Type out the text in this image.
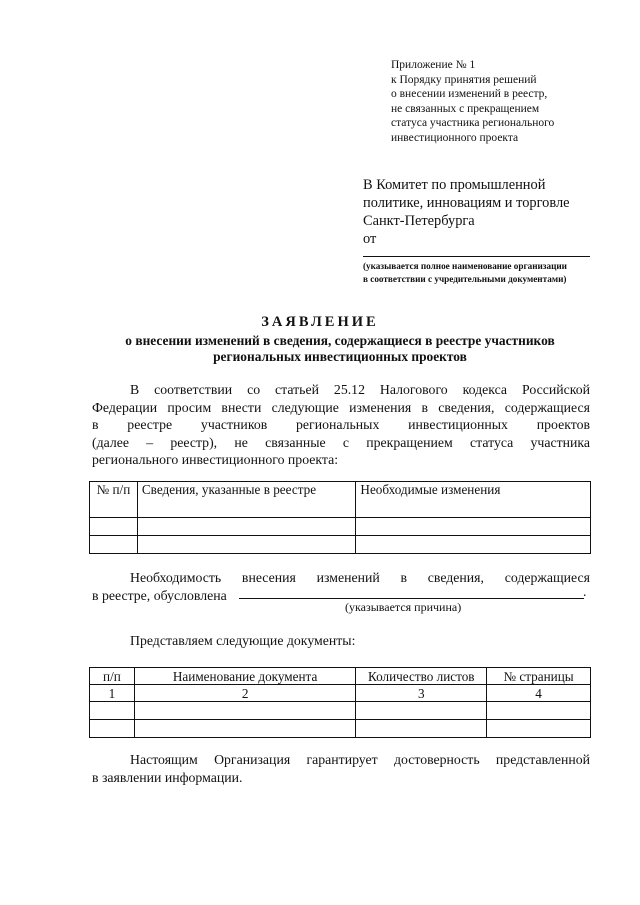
Приложение № 1
к Порядку принятия решений
о внесении изменений в реестр,
не связанных с прекращением
статуса участника регионального
инвестиционного проекта
В Комитет по промышленной
политике, инновациям и торговле
Санкт-Петербурга
от
(указывается полное наименование организации
в соответствии с учредительными документами)
ЗАЯВЛЕНИЕ
о внесении изменений в сведения, содержащиеся в реестре участников
региональных инвестиционных проектов
В соответствии со статьей 25.12 Налогового кодекса Российской
Федерации просим внести следующие изменения в сведения, содержащиеся
в реестре участников региональных инвестиционных проектов
(далее – реестр), не связанные с прекращением статуса участника
регионального инвестиционного проекта:
№ п/п	Сведения, указанные в реестре	Необходимые изменения

Необходимость внесения изменений в сведения, содержащиеся
в реестре, обусловлена	.
(указывается причина)
Представляем следующие документы:
п/п	Наименование документа	Количество листов	№ страницы
1	2	3	4

Настоящим Организация гарантирует достоверность представленной
в заявлении информации.
